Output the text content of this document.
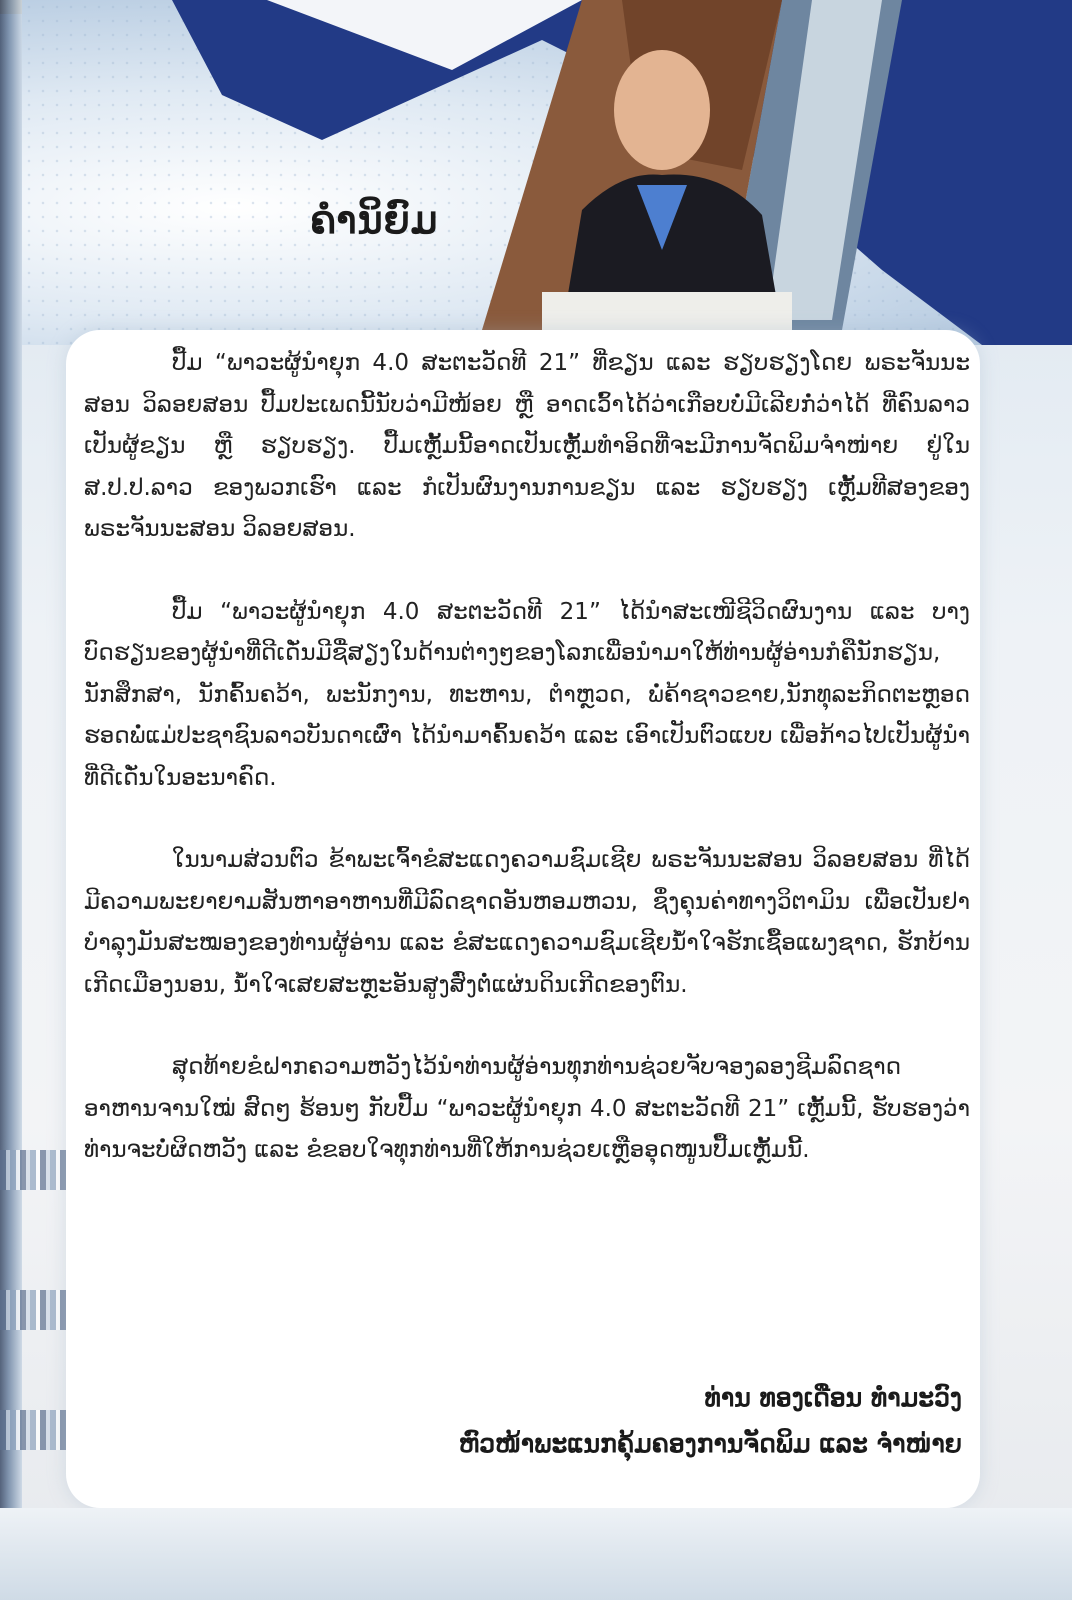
ຄຳນິຍົມ

ປື້ມ “ພາວະຜູ້ນຳຍຸກ 4.0 ສະຕະວັດທີ 21” ທີ່ຂຽນ ແລະ ຮຽບຮຽງໂດຍ ພຣະຈັນນະສອນ ວິລອຍສອນ ປື້ມປະເພດນີ້ນັບວ່າມີໜ້ອຍ ຫຼື ອາດເວົ້າໄດ້ວ່າເກືອບບໍ່ມີເລີຍກໍ່ວ່າໄດ້ ທີ່ຄົນລາວເປັນຜູ້ຂຽນ ຫຼື ຮຽບຮຽງ. ປື້ມເຫຼັ້ມນີ້ອາດເປັນເຫຼັ້ມທຳອິດທີ່ຈະມີການຈັດພິມຈຳໜ່າຍ ຢູ່ໃນ ສ.ປ.ປ.ລາວ ຂອງພວກເຮົາ ແລະ ກໍເປັນຜົນງານການຂຽນ ແລະ ຮຽບຮຽງ ເຫຼັ້ມທີສອງຂອງ ພຣະຈັນນະສອນ ວິລອຍສອນ.

ປື້ມ “ພາວະຜູ້ນຳຍຸກ 4.0 ສະຕະວັດທີ 21” ໄດ້ນຳສະເໜີຊີວິດຜົນງານ ແລະ ບາງບົດຮຽນຂອງຜູ້ນຳທີ່ດີເດັ່ນມີຊື່ສຽງໃນດ້ານຕ່າງໆຂອງໂລກເພື່ອນຳມາໃຫ້ທ່ານຜູ້ອ່ານກໍຄືນັກຮຽນ, ນັກສຶກສາ, ນັກຄົ້ນຄວ້າ, ພະນັກງານ, ທະຫານ, ຕຳຫຼວດ, ພໍ່ຄ້າຊາວຂາຍ,ນັກທຸລະກິດຕະຫຼອດຮອດພໍ່ແມ່ປະຊາຊົນລາວບັນດາເຜົ່າ ໄດ້ນຳມາຄົ້ນຄວ້າ ແລະ ເອົາເປັນຕົວແບບ ເພື່ອກ້າວໄປເປັນຜູ້ນຳທີ່ດີເດັ່ນໃນອະນາຄົດ.

ໃນນາມສ່ວນຕົວ ຂ້າພະເຈົ້າຂໍສະແດງຄວາມຊົມເຊີຍ ພຣະຈັນນະສອນ ວິລອຍສອນ ທີ່ໄດ້ມີຄວາມພະຍາຍາມສັນຫາອາຫານທີ່ມີລົດຊາດອັນຫອມຫວນ, ຊຶ່ງຄຸນຄ່າທາງວິຕາມິນ ເພື່ອເປັນຢາບຳລຸງມັນສະໝອງຂອງທ່ານຜູ້ອ່ານ ແລະ ຂໍສະແດງຄວາມຊົມເຊີຍນ້ຳໃຈຮັກເຊື້ອແພງຊາດ, ຮັກບ້ານເກີດເມືອງນອນ, ນ້ຳໃຈເສຍສະຫຼະອັນສູງສົ່ງຕໍ່ແຜ່ນດິນເກີດຂອງຕົນ.

ສຸດທ້າຍຂໍຝາກຄວາມຫວັງໄວ້ນຳທ່ານຜູ້ອ່ານທຸກທ່ານຊ່ວຍຈັບຈອງລອງຊີມລົດຊາດອາຫານຈານໃໝ່ ສົດໆ ຮ້ອນໆ ກັບປື້ມ “ພາວະຜູ້ນຳຍຸກ 4.0 ສະຕະວັດທີ 21” ເຫຼັ້ມນີ້, ຮັບຮອງວ່າທ່ານຈະບໍ່ຜິດຫວັງ ແລະ ຂໍຂອບໃຈທຸກທ່ານທີ່ໃຫ້ການຊ່ວຍເຫຼືອອຸດໜູນປື້ມເຫຼັ້ມນີ້.

ທ່ານ ທອງເດືອນ ທຳມະວົງ
ຫົວໜ້າພະແນກຄຸ້ມຄອງການຈັດພິມ ແລະ ຈຳໜ່າຍ
